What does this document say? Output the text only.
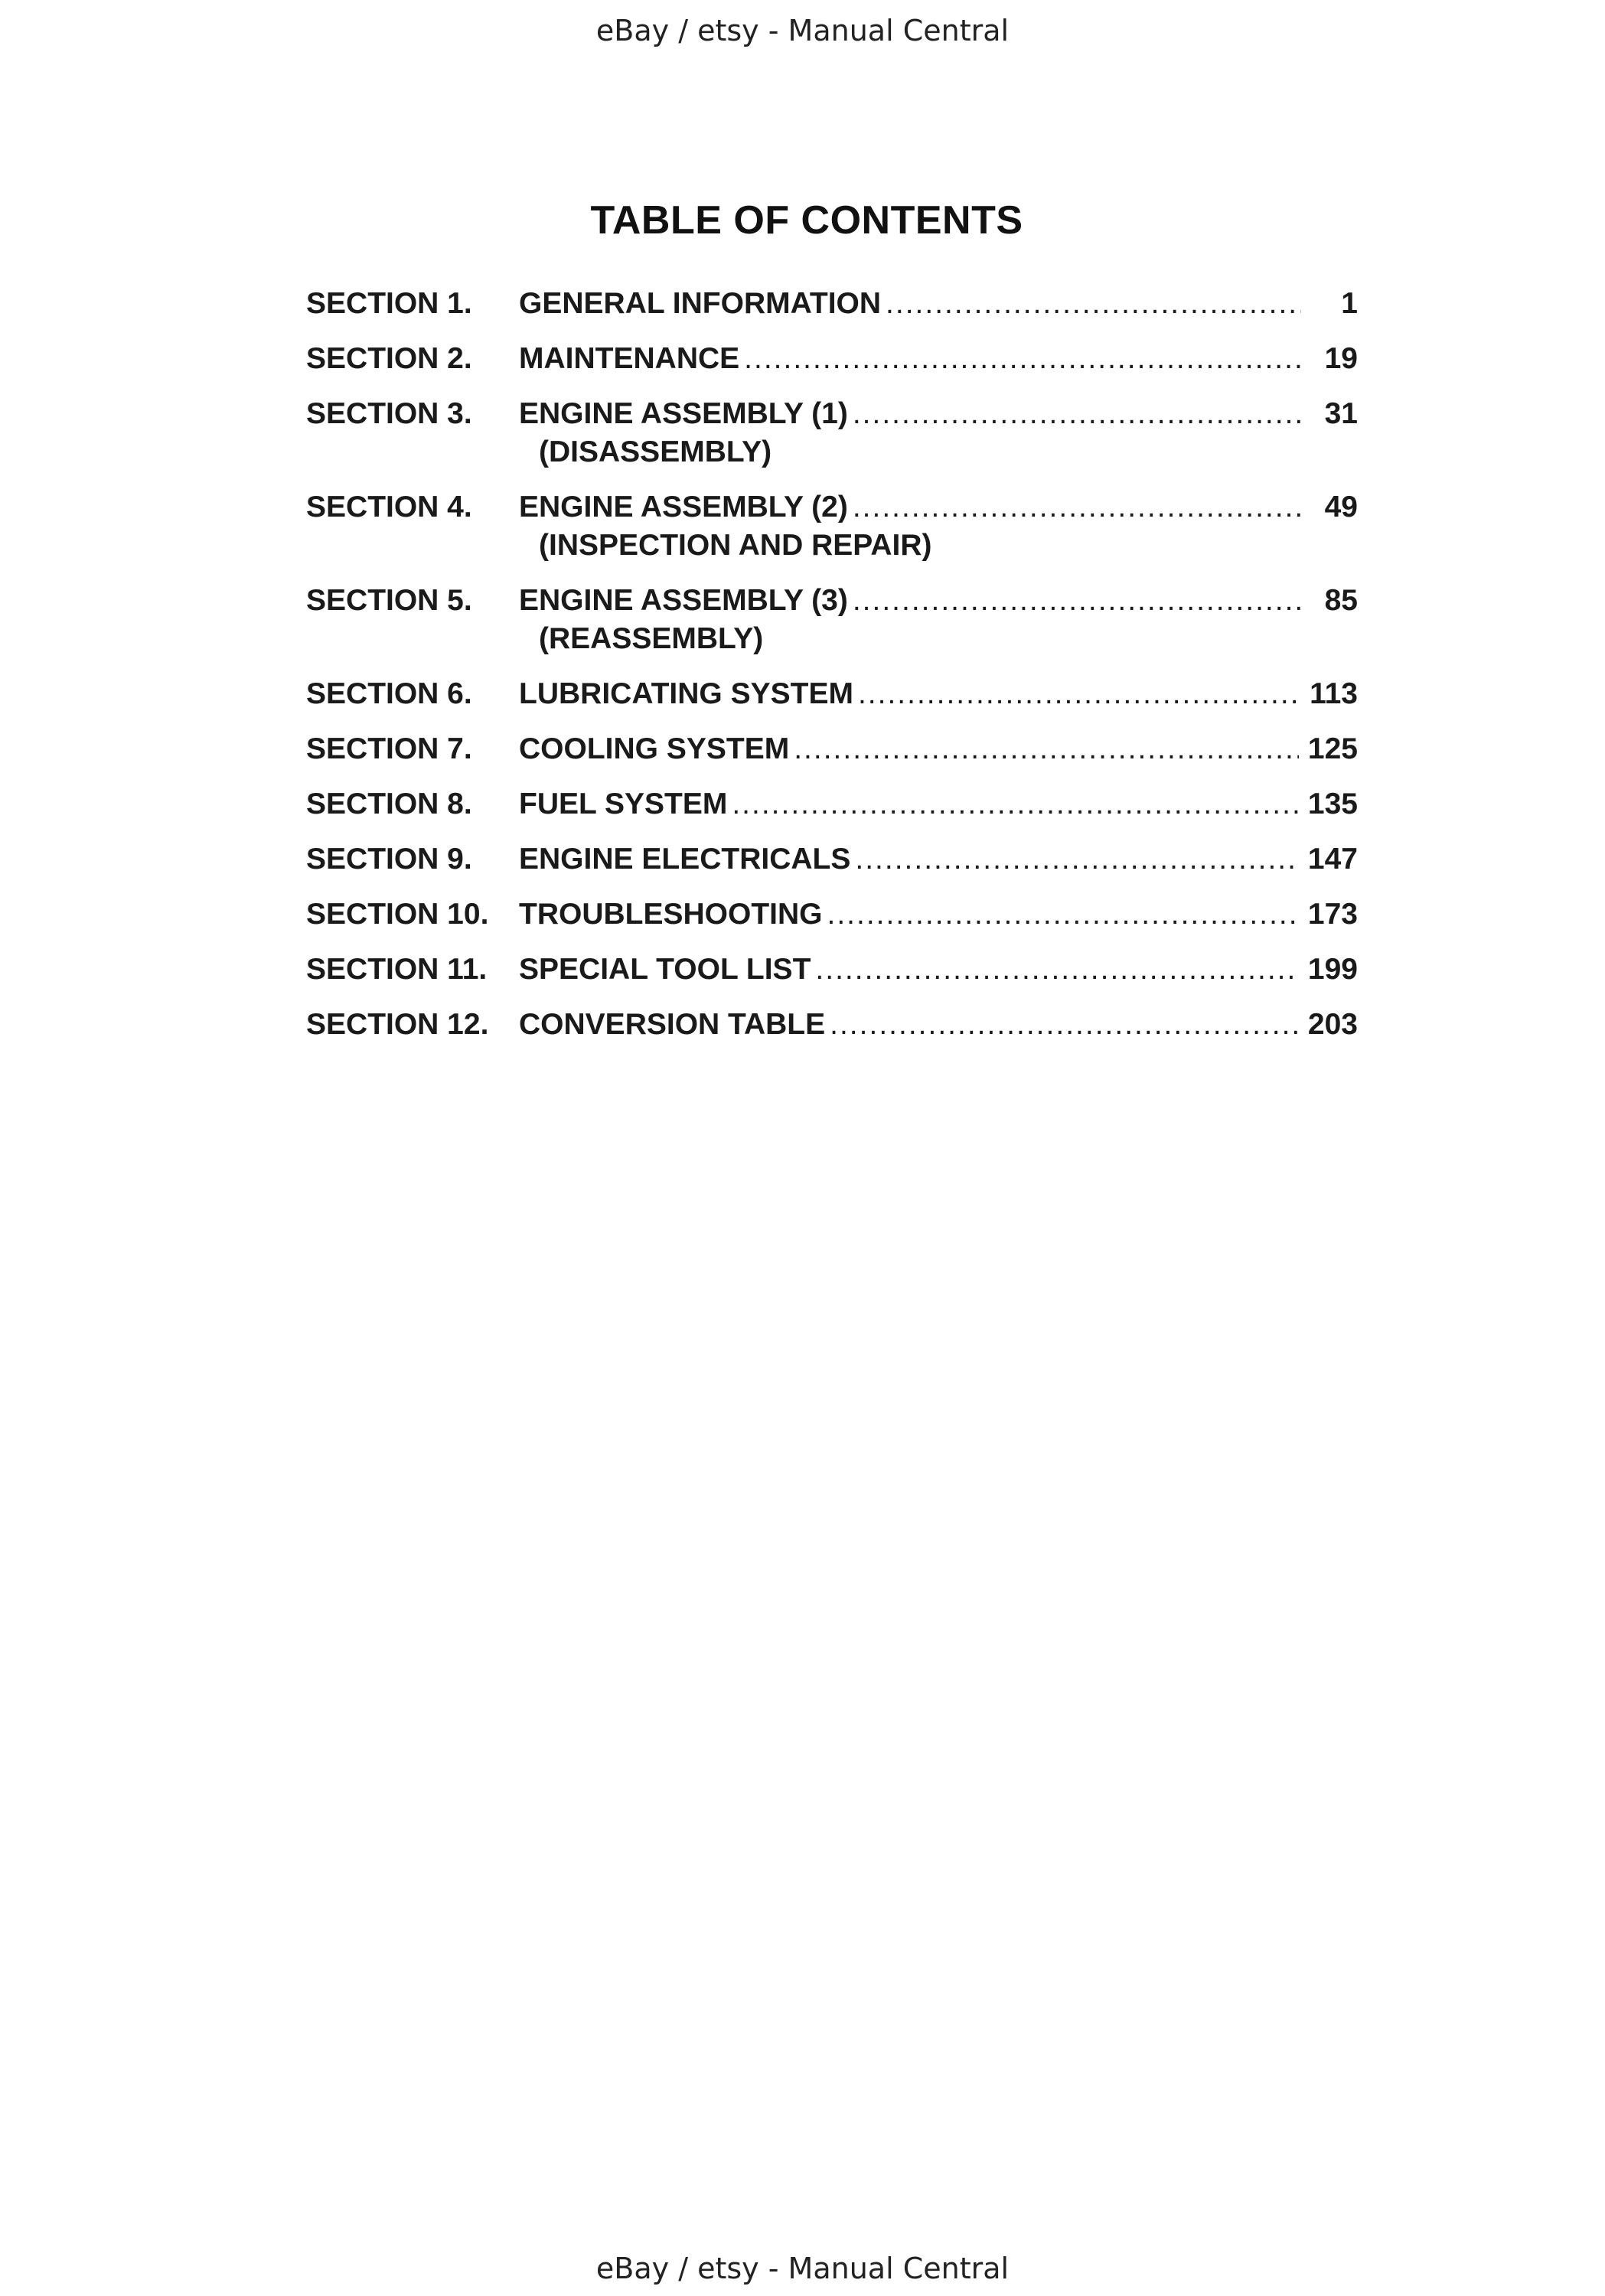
eBay / etsy - Manual Central
TABLE OF CONTENTS
SECTION 1.	GENERAL INFORMATION .....	1
SECTION 2.	MAINTENANCE .....	19
SECTION 3.	ENGINE ASSEMBLY (1) .....	31
(DISASSEMBLY)
SECTION 4.	ENGINE ASSEMBLY (2) .....	49
(INSPECTION AND REPAIR)
SECTION 5.	ENGINE ASSEMBLY (3) .....	85
(REASSEMBLY)
SECTION 6.	LUBRICATING SYSTEM .....	113
SECTION 7.	COOLING SYSTEM .....	125
SECTION 8.	FUEL SYSTEM .....	135
SECTION 9.	ENGINE ELECTRICALS .....	147
SECTION 10.	TROUBLESHOOTING .....	173
SECTION 11.	SPECIAL TOOL LIST .....	199
SECTION 12.	CONVERSION TABLE .....	203
eBay / etsy - Manual Central
